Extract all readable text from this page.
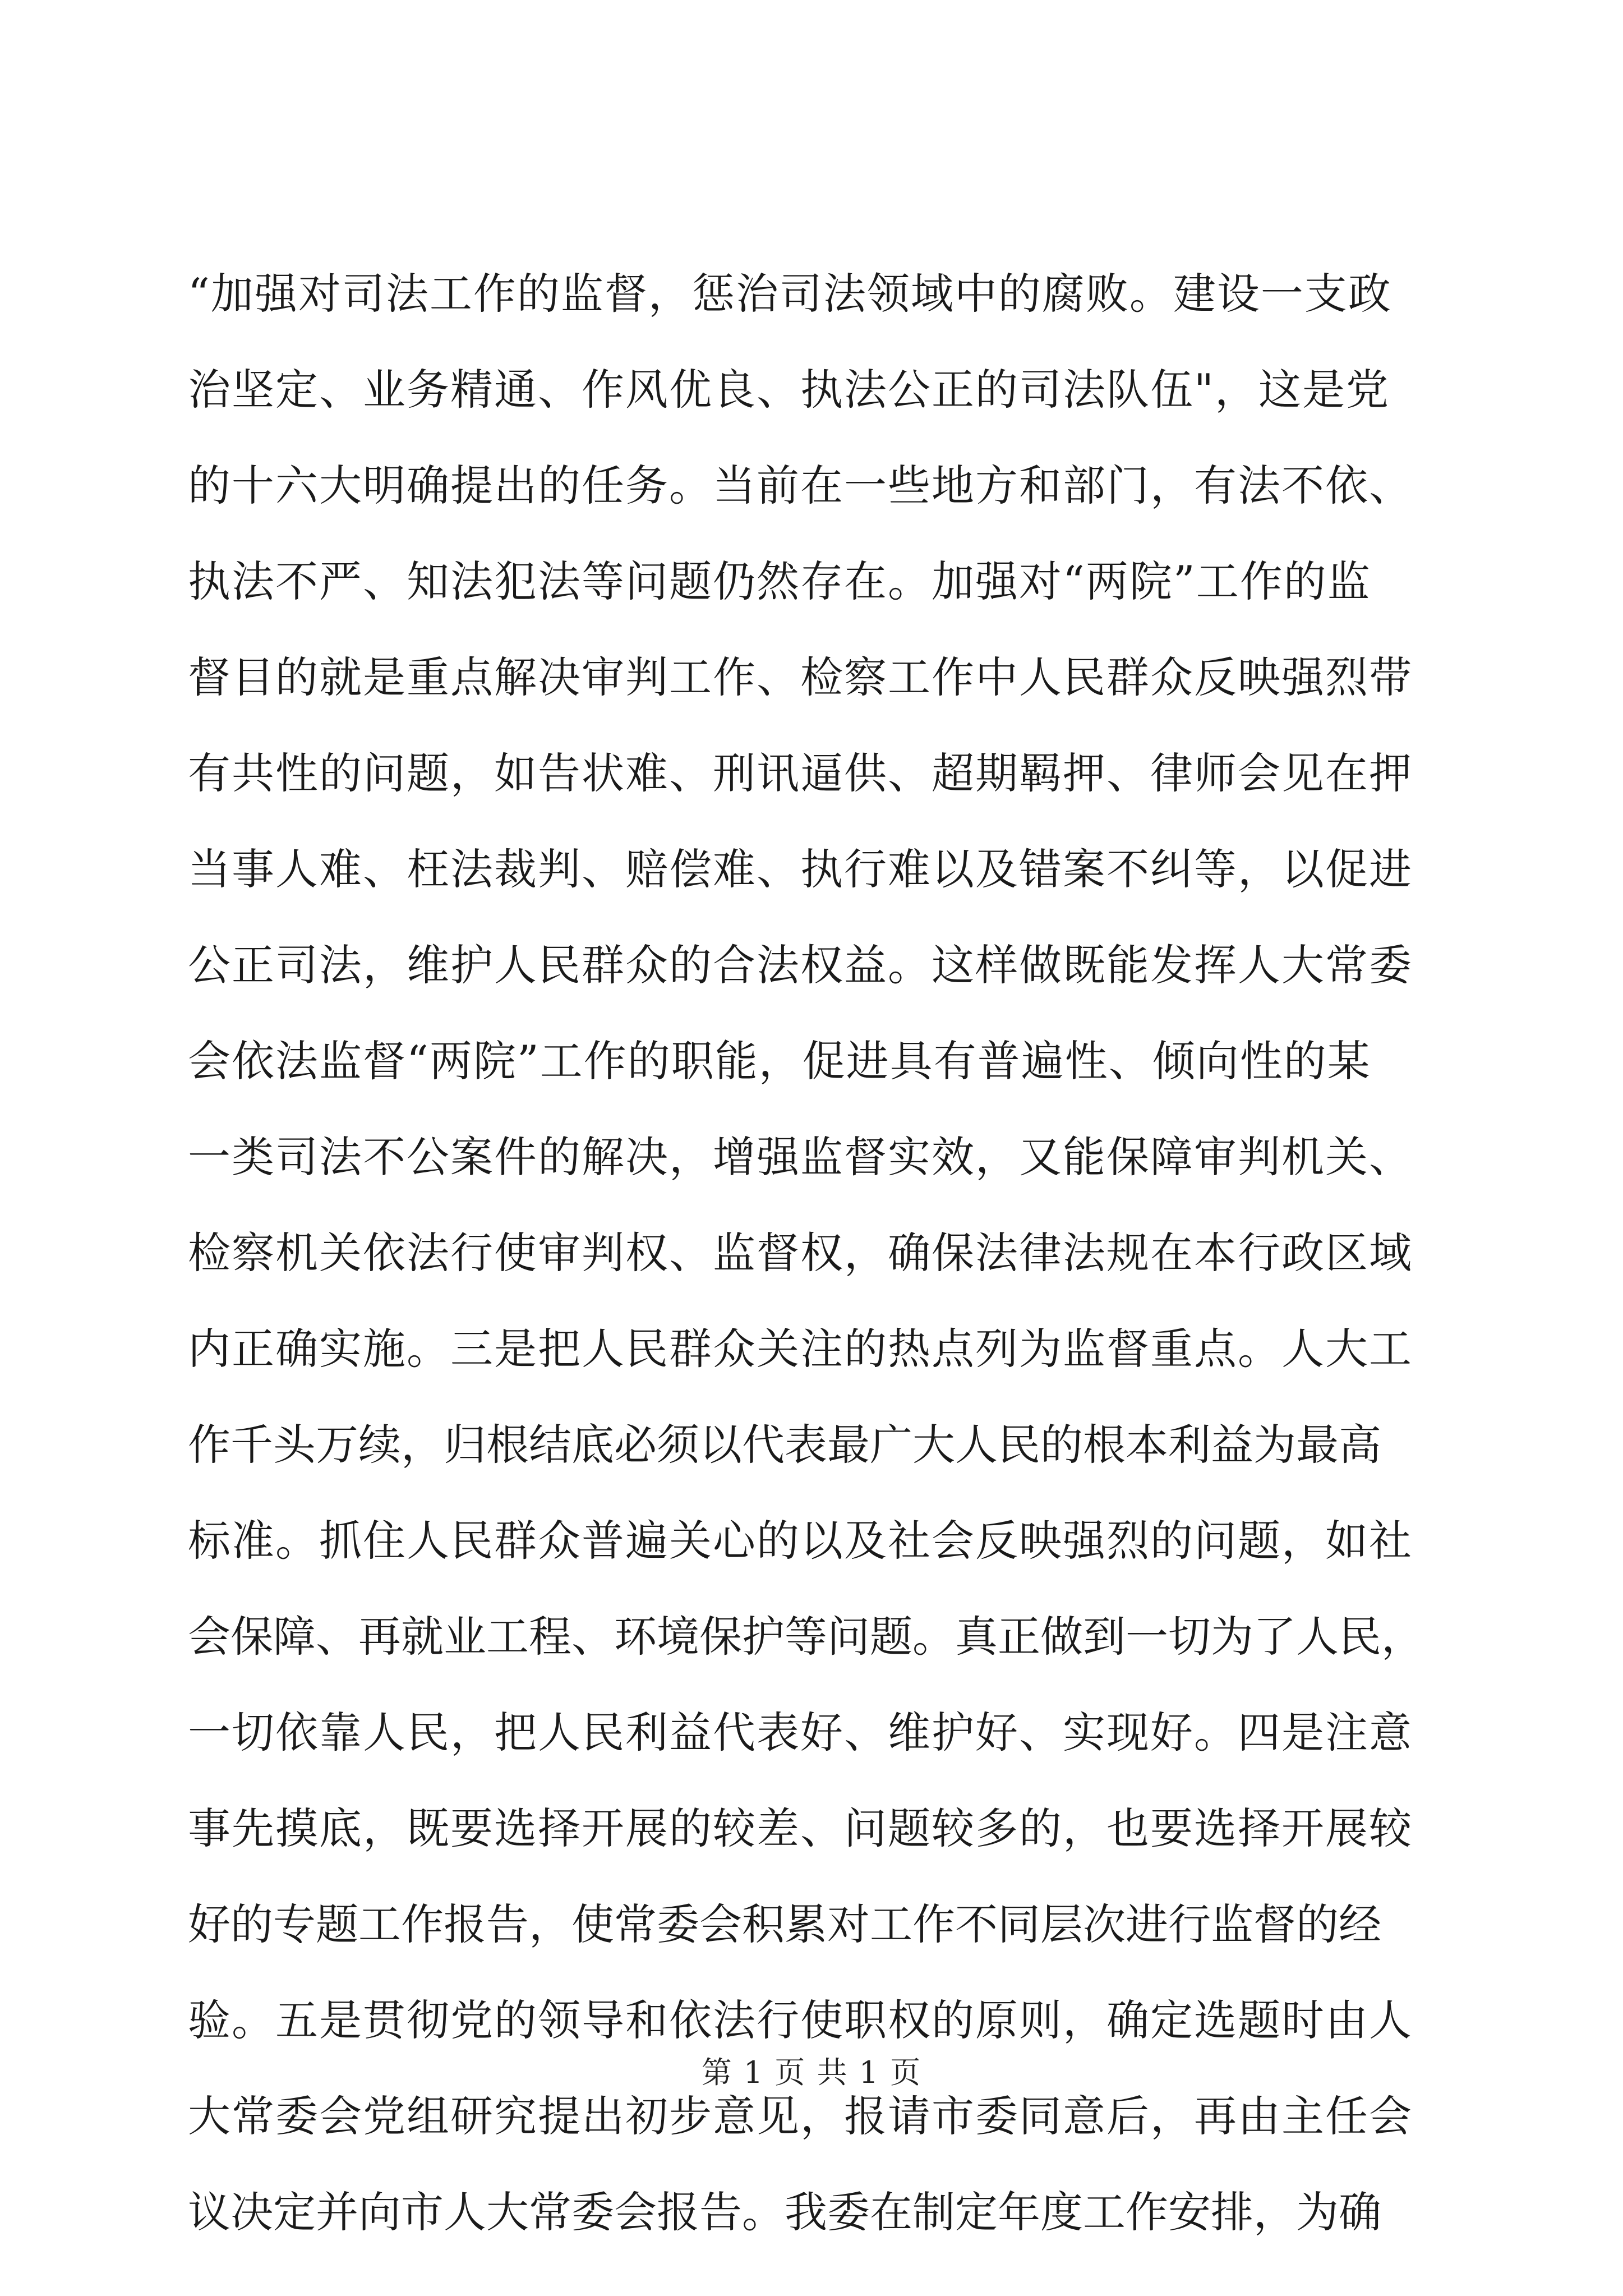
“加强对司法工作的监督，惩治司法领域中的腐败。建设一支政
治坚定、业务精通、作风优良、执法公正的司法队伍"，这是党
的十六大明确提出的任务。当前在一些地方和部门，有法不依、
执法不严、知法犯法等问题仍然存在。加强对“两院”工作的监
督目的就是重点解决审判工作、检察工作中人民群众反映强烈带
有共性的问题，如告状难、刑讯逼供、超期羁押、律师会见在押
当事人难、枉法裁判、赔偿难、执行难以及错案不纠等，以促进
公正司法，维护人民群众的合法权益。这样做既能发挥人大常委
会依法监督“两院”工作的职能，促进具有普遍性、倾向性的某
一类司法不公案件的解决，增强监督实效，又能保障审判机关、
检察机关依法行使审判权、监督权，确保法律法规在本行政区域
内正确实施。三是把人民群众关注的热点列为监督重点。人大工
作千头万续，归根结底必须以代表最广大人民的根本利益为最高
标准。抓住人民群众普遍关心的以及社会反映强烈的问题，如社
会保障、再就业工程、环境保护等问题。真正做到一切为了人民，
一切依靠人民，把人民利益代表好、维护好、实现好。四是注意
事先摸底，既要选择开展的较差、问题较多的，也要选择开展较
好的专题工作报告，使常委会积累对工作不同层次进行监督的经
验。五是贯彻党的领导和依法行使职权的原则，确定选题时由人
大常委会党组研究提出初步意见，报请市委同意后，再由主任会
议决定并向市人大常委会报告。我委在制定年度工作安排，为确
第 1 页 共 1 页
